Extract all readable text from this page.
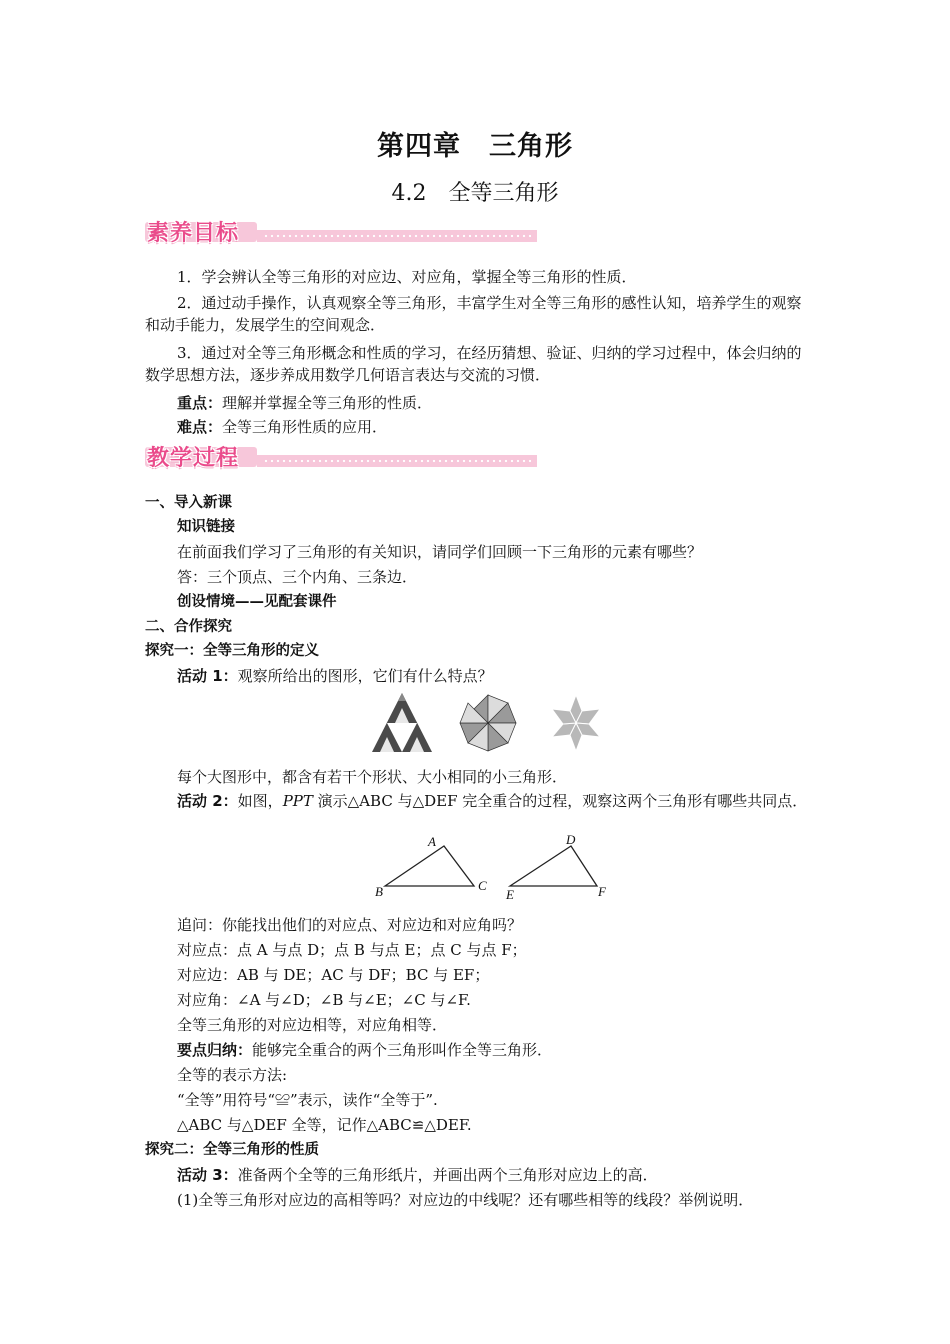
第四章　三角形
4.2　全等三角形
素养目标
1．学会辨认全等三角形的对应边、对应角，掌握全等三角形的性质．
2．通过动手操作，认真观察全等三角形，丰富学生对全等三角形的感性认知，培养学生的观察和动手能力，发展学生的空间观念．
3．通过对全等三角形概念和性质的学习，在经历猜想、验证、归纳的学习过程中，体会归纳的数学思想方法，逐步养成用数学几何语言表达与交流的习惯．
重点：理解并掌握全等三角形的性质．
难点：全等三角形性质的应用．
教学过程
一、导入新课
知识链接
在前面我们学习了三角形的有关知识，请同学们回顾一下三角形的元素有哪些？
答：三个顶点、三个内角、三条边．
创设情境——见配套课件
二、合作探究
探究一：全等三角形的定义
活动 1：观察所给出的图形，它们有什么特点？
每个大图形中，都含有若干个形状、大小相同的小三角形．
活动 2：如图，PPT 演示△ABC 与△DEF 完全重合的过程，观察这两个三角形有哪些共同点．
A
B	C
D
E	F
追问：你能找出他们的对应点、对应边和对应角吗？
对应点：点 A 与点 D；点 B 与点 E；点 C 与点 F；
对应边：AB 与 DE；AC 与 DF；BC 与 EF；
对应角：∠A 与∠D；∠B 与∠E；∠C 与∠F.
全等三角形的对应边相等，对应角相等．
要点归纳：能够完全重合的两个三角形叫作全等三角形．
全等的表示方法:
“全等”用符号“≌”表示，读作“全等于”.
△ABC 与△DEF 全等，记作△ABC≌△DEF.
探究二：全等三角形的性质
活动 3：准备两个全等的三角形纸片，并画出两个三角形对应边上的高．
(1)全等三角形对应边的高相等吗？对应边的中线呢？还有哪些相等的线段？举例说明．
